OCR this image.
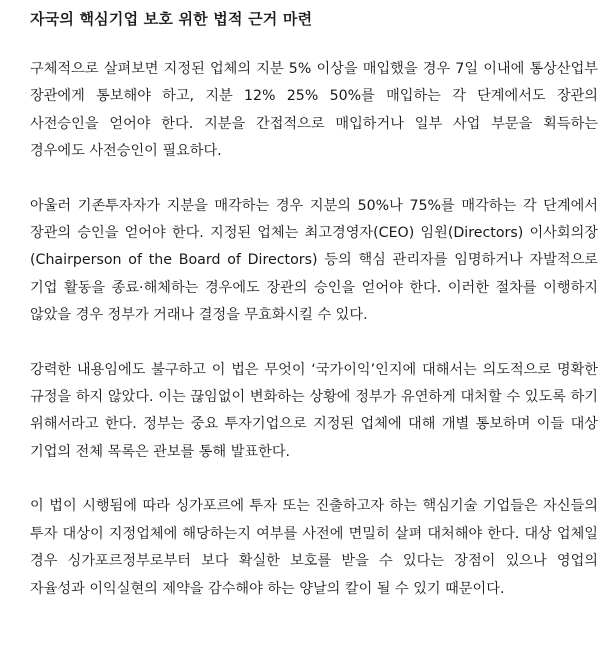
자국의 핵심기업 보호 위한 법적 근거 마련

구체적으로 살펴보면 지정된 업체의 지분 5% 이상을 매입했을 경우 7일 이내에 통상산업부 장관에게 통보해야 하고, 지분 12% 25% 50%를 매입하는 각 단계에서도 장관의 사전승인을 얻어야 한다. 지분을 간접적으로 매입하거나 일부 사업 부문을 획득하는 경우에도 사전승인이 필요하다.

아울러 기존투자자가 지분을 매각하는 경우 지분의 50%나 75%를 매각하는 각 단계에서 장관의 승인을 얻어야 한다. 지정된 업체는 최고경영자(CEO) 임원(Directors) 이사회의장(Chairperson of the Board of Directors) 등의 핵심 관리자를 임명하거나 자발적으로 기업 활동을 종료·해체하는 경우에도 장관의 승인을 얻어야 한다. 이러한 절차를 이행하지 않았을 경우 정부가 거래나 결정을 무효화시킬 수 있다.

강력한 내용임에도 불구하고 이 법은 무엇이 ‘국가이익’인지에 대해서는 의도적으로 명확한 규정을 하지 않았다. 이는 끊임없이 변화하는 상황에 정부가 유연하게 대처할 수 있도록 하기 위해서라고 한다. 정부는 중요 투자기업으로 지정된 업체에 대해 개별 통보하며 이들 대상 기업의 전체 목록은 관보를 통해 발표한다.

이 법이 시행됨에 따라 싱가포르에 투자 또는 진출하고자 하는 핵심기술 기업들은 자신들의 투자 대상이 지정업체에 해당하는지 여부를 사전에 면밀히 살펴 대처해야 한다. 대상 업체일 경우 싱가포르정부로부터 보다 확실한 보호를 받을 수 있다는 장점이 있으나 영업의 자율성과 이익실현의 제약을 감수해야 하는 양날의 칼이 될 수 있기 때문이다.
